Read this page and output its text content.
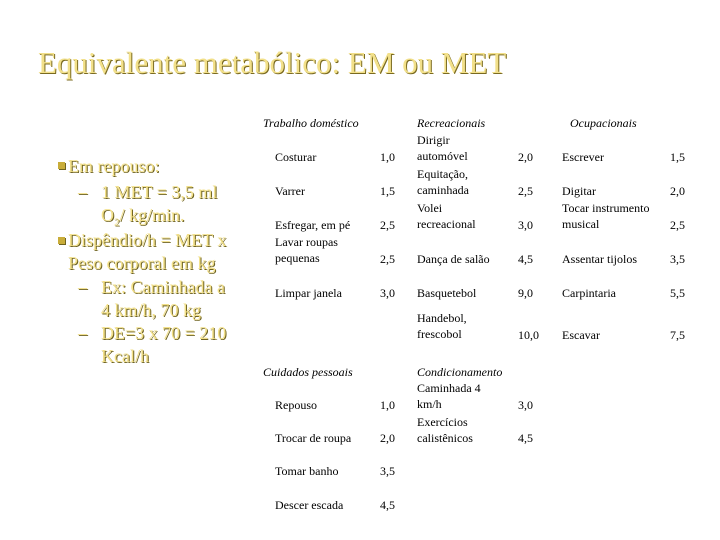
Equivalente metabólico: EM ou MET
Em repouso:
– 1 MET = 3,5 ml
$O_2/$ kg/min.
Dispêndio/h = MET x
Peso corporal em kg
– Ex: Caminhada a
4 km/h, 70 kg
– DE=3 x 70 = 210
Kcal/h
Trabalho doméstico	Recreacionais	Ocupacionais
Cuidados pessoais	Condicionamento
Costurar	1,0
Varrer	1,5
Esfregar, em pé 2,5
Lavar roupas
pequenas	2,5
Limpar janela	3,0
Dirigir
automóvel	2,0
Equitação,
caminhada	2,5
Volei
recreacional	3,0
Dança de salão 4,5
Basquetebol	9,0
Handebol,
frescobol	10,0
Escrever	1,5
Digitar	2,0
Tocar instrumento
musical	2,5
Assentar tijolos	3,5
Carpintaria	5,5
Escavar	7,5
Repouso	1,0
Trocar de roupa 2,0
Tomar banho	3,5
Descer escada	4,5
Caminhada 4
km/h	3,0
Exercícios
calistênicos	4,5
